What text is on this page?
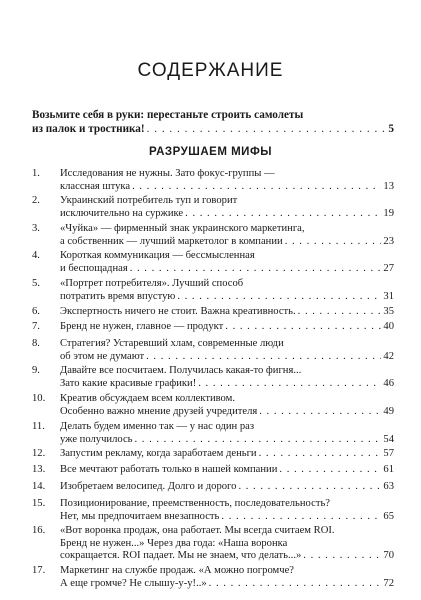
СОДЕРЖАНИЕ
Возьмите себя в руки: перестаньте строить самолеты
из палок и тростника! . . .	5
РАЗРУШАЕМ МИФЫ
1.	Исследования не нужны. Зато фокус-группы —
классная штука . . .	13
2.	Украинский потребитель туп и говорит
исключительно на суржике . . .	19
3.	«Чуйка» — фирменный знак украинского маркетинга,
а собственник — лучший маркетолог в компании . . .	23
4.	Короткая коммуникация — бессмысленная
и беспощадная . . .	27
5.	«Портрет потребителя». Лучший способ
потратить время впустую . . .	31
6.	Экспертность ничего не стоит. Важна креативность. . . .	35
7.	Бренд не нужен, главное — продукт . . .	40
8.	Стратегия? Устаревший хлам, современные люди
об этом не думают . . .	42
9.	Давайте все посчитаем. Получилась какая-то фигня...
Зато какие красивые графики! . . .	46
10.	Креатив обсуждаем всем коллективом.
Особенно важно мнение друзей учредителя . . .	49
11.	Делать будем именно так — у нас один раз
уже получилось . . .	54
12.	Запустим рекламу, когда заработаем деньги . . .	57
13.	Все мечтают работать только в нашей компании . . .	61
14.	Изобретаем велосипед. Долго и дорого . . .	63
15.	Позиционирование, преемственность, последовательность?
Нет, мы предпочитаем внезапность . . .	65
16.	«Вот воронка продаж, она работает. Мы всегда считаем ROI.
Бренд не нужен...» Через два года: «Наша воронка
сокращается. ROI падает. Мы не знаем, что делать...» . . .	70
17.	Маркетинг на службе продаж. «А можно погромче?
А еще громче? Не слышу-у-у!..» . . .	72
